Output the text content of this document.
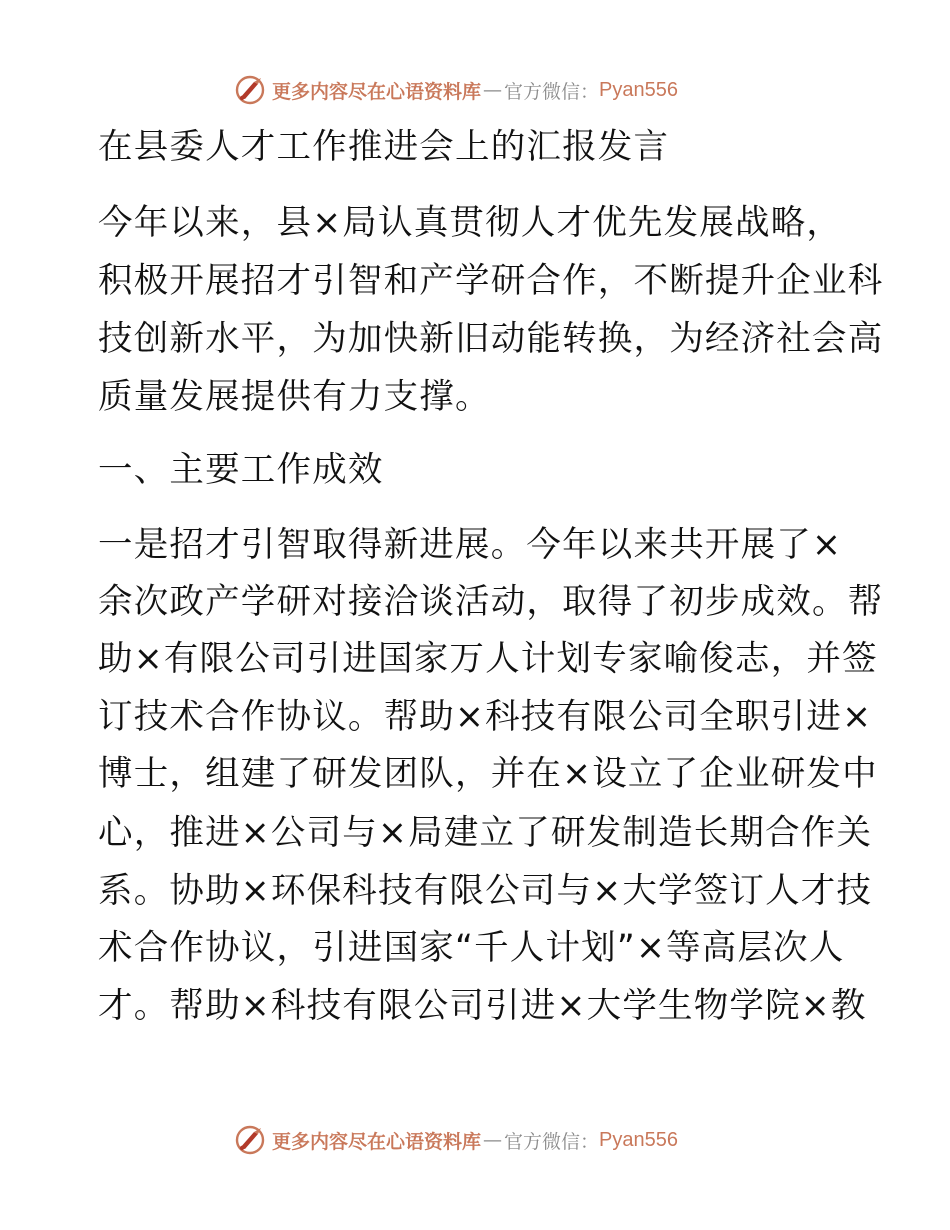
更多内容尽在心语资料库 — 官方微信： Pyan556
在县委人才工作推进会上的汇报发言
今年以来，县×局认真贯彻人才优先发展战略，
积极开展招才引智和产学研合作，不断提升企业科
技创新水平，为加快新旧动能转换，为经济社会高
质量发展提供有力支撑。
一、主要工作成效
一是招才引智取得新进展。今年以来共开展了×
余次政产学研对接洽谈活动，取得了初步成效。帮
助×有限公司引进国家万人计划专家喻俊志，并签
订技术合作协议。帮助×科技有限公司全职引进×
博士，组建了研发团队，并在×设立了企业研发中
心，推进×公司与×局建立了研发制造长期合作关
系。协助×环保科技有限公司与×大学签订人才技
术合作协议，引进国家“千人计划”×等高层次人
才。帮助×科技有限公司引进×大学生物学院×教
更多内容尽在心语资料库 — 官方微信： Pyan556
